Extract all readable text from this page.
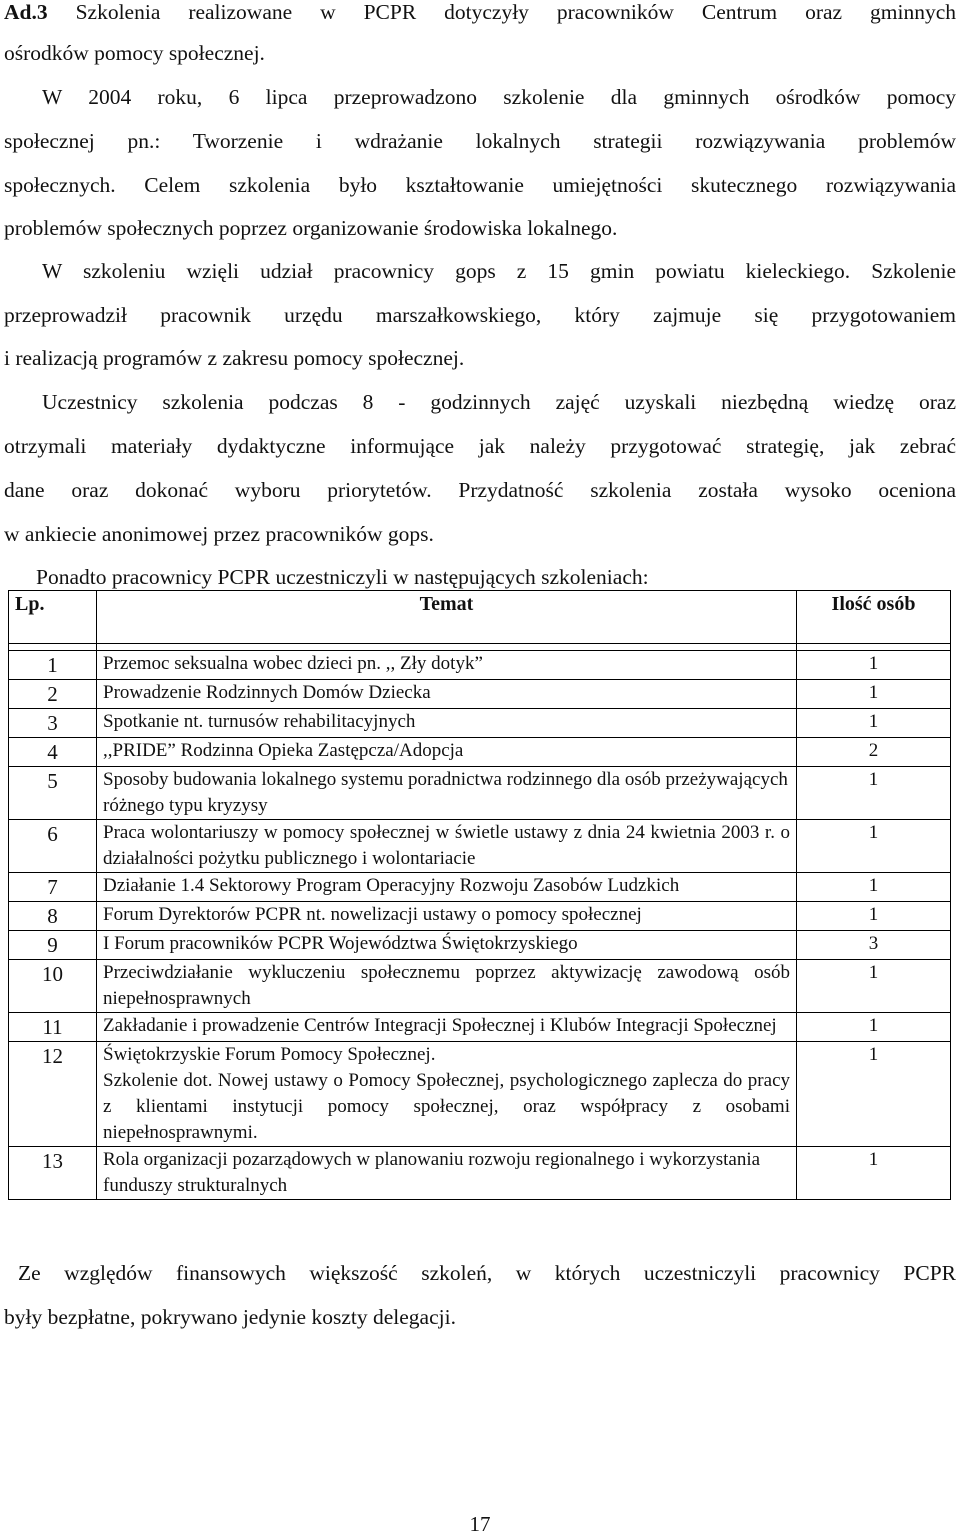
Ad.3 Szkolenia realizowane w PCPR dotyczyły pracowników Centrum oraz gminnych
ośrodków pomocy społecznej.
W 2004 roku, 6 lipca przeprowadzono szkolenie dla gminnych ośrodków pomocy
społecznej pn.: Tworzenie i wdrażanie lokalnych strategii rozwiązywania problemów
społecznych. Celem szkolenia było kształtowanie umiejętności skutecznego rozwiązywania
problemów społecznych poprzez organizowanie środowiska lokalnego.
W szkoleniu wzięli udział pracownicy gops z 15 gmin powiatu kieleckiego. Szkolenie
przeprowadził pracownik urzędu marszałkowskiego, który zajmuje się przygotowaniem
i realizacją programów z zakresu pomocy społecznej.
Uczestnicy szkolenia podczas 8 - godzinnych zajęć uzyskali niezbędną wiedzę oraz
otrzymali materiały dydaktyczne informujące jak należy przygotować strategię, jak zebrać
dane oraz dokonać wyboru priorytetów. Przydatność szkolenia została wysoko oceniona
w ankiecie anonimowej przez pracowników gops.
Ponadto pracownicy PCPR uczestniczyli w następujących szkoleniach:
Lp.	Temat	Ilość osób

1	Przemoc seksualna wobec dzieci pn. ,, Zły dotyk”	1
2	Prowadzenie Rodzinnych Domów Dziecka	1
3	Spotkanie nt. turnusów rehabilitacyjnych	1
4	,,PRIDE” Rodzinna Opieka Zastępcza/Adopcja	2
5	Sposoby budowania lokalnego systemu poradnictwa rodzinnego dla osób przeżywających różnego typu kryzysy	1
6	Praca wolontariuszy w pomocy społecznej w świetle ustawy z dnia 24 kwietnia 2003 r. o działalności pożytku publicznego i wolontariacie	1
7	Działanie 1.4 Sektorowy Program Operacyjny Rozwoju Zasobów Ludzkich	1
8	Forum Dyrektorów PCPR nt. nowelizacji ustawy o pomocy społecznej	1
9	I Forum pracowników PCPR Województwa Świętokrzyskiego	3
10	Przeciwdziałanie wykluczeniu społecznemu poprzez aktywizację zawodową osób niepełnosprawnych	1
11	Zakładanie i prowadzenie Centrów Integracji Społecznej i Klubów Integracji Społecznej	1
12	Świętokrzyskie Forum Pomocy Społecznej.
Szkolenie dot. Nowej ustawy o Pomocy Społecznej, psychologicznego zaplecza do pracy z klientami instytucji pomocy społecznej, oraz współpracy z osobami niepełnosprawnymi.	1
13	Rola organizacji pozarządowych w planowaniu rozwoju regionalnego i wykorzystania funduszy strukturalnych	1
Ze względów finansowych większość szkoleń, w których uczestniczyli pracownicy PCPR
były bezpłatne, pokrywano jedynie koszty delegacji.
17
